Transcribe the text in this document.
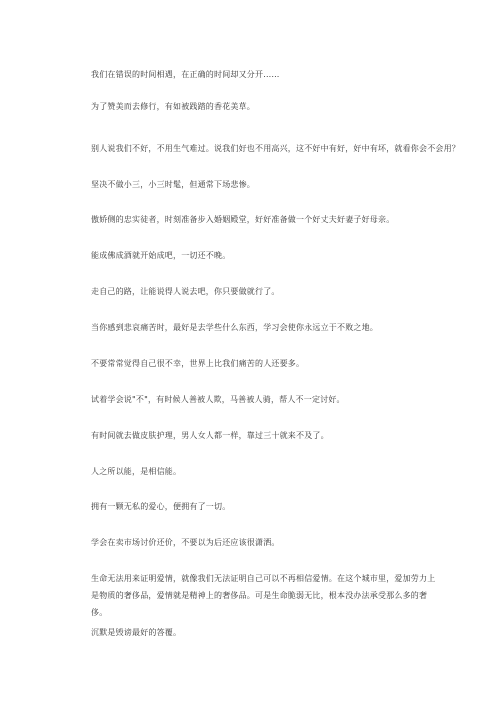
我们在错误的时间相遇，在正确的时间却又分开……

为了赞美而去修行，有如被践踏的香花美草。

别人说我们不好，不用生气难过。说我们好也不用高兴，这不好中有好，好中有坏，就看你会不会用？

坚决不做小三，小三时髦，但通常下场悲惨。

傲娇侧的忠实徒者，时刻准备步入婚姻殿堂，好好准备做一个好丈夫好妻子好母亲。

能成佛成酒就开始成吧，一切还不晚。

走自己的路，让能说得人说去吧，你只要做就行了。

当你感到悲哀痛苦时，最好是去学些什么东西，学习会使你永远立于不败之地。

不要常常觉得自己很不幸，世界上比我们痛苦的人还要多。

试着学会说"不"，有时候人善被人欺，马善被人骑，帮人不一定讨好。

有时间就去做皮肤护理，男人女人都一样，靠过三十就来不及了。

人之所以能，是相信能。

拥有一颗无私的爱心，便拥有了一切。

学会在卖市场讨价还价，不要以为后还应该很潇洒。

生命无法用来证明爱情，就像我们无法证明自己可以不再相信爱情。在这个城市里，爱加劳力上是物质的奢侈品，爱情就是精神上的奢侈品。可是生命脆弱无比，根本没办法承受那么多的奢侈。

沉默是毁谤最好的答覆。
